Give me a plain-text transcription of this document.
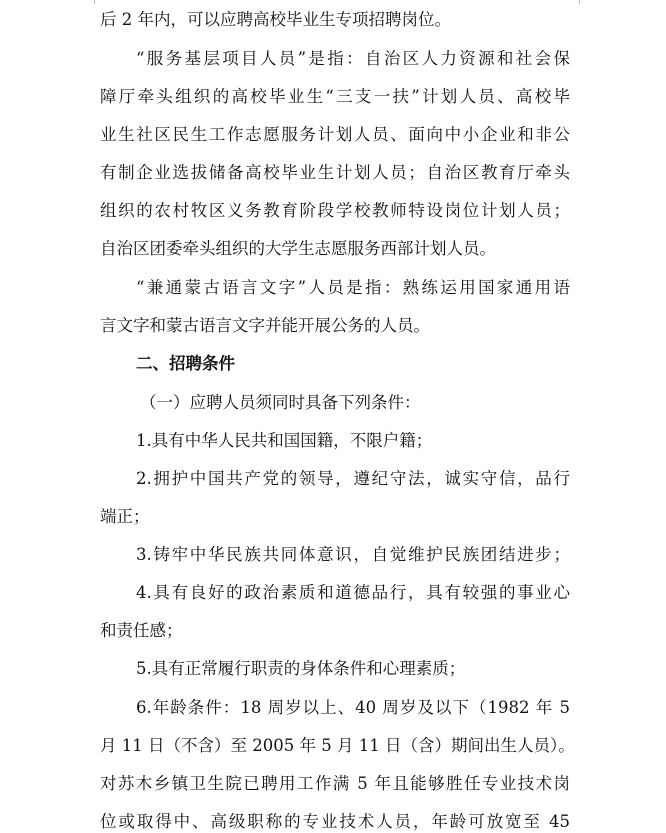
后 2 年内，可以应聘高校毕业生专项招聘岗位。
“服务基层项目人员”是指：自治区人力资源和社会保
障厅牵头组织的高校毕业生“三支一扶”计划人员、高校毕
业生社区民生工作志愿服务计划人员、面向中小企业和非公
有制企业选拔储备高校毕业生计划人员；自治区教育厅牵头
组织的农村牧区义务教育阶段学校教师特设岗位计划人员；
自治区团委牵头组织的大学生志愿服务西部计划人员。
“兼通蒙古语言文字”人员是指：熟练运用国家通用语
言文字和蒙古语言文字并能开展公务的人员。
二、招聘条件
（一）应聘人员须同时具备下列条件：
1.具有中华人民共和国国籍，不限户籍；
2.拥护中国共产党的领导，遵纪守法，诚实守信，品行
端正；
3.铸牢中华民族共同体意识，自觉维护民族团结进步；
4.具有良好的政治素质和道德品行，具有较强的事业心
和责任感；
5.具有正常履行职责的身体条件和心理素质；
6.年龄条件：18 周岁以上、40 周岁及以下（1982 年 5
月 11 日（不含）至 2005 年 5 月 11 日（含）期间出生人员）。
对苏木乡镇卫生院已聘用工作满 5 年且能够胜任专业技术岗
位或取得中、高级职称的专业技术人员，年龄可放宽至 45
